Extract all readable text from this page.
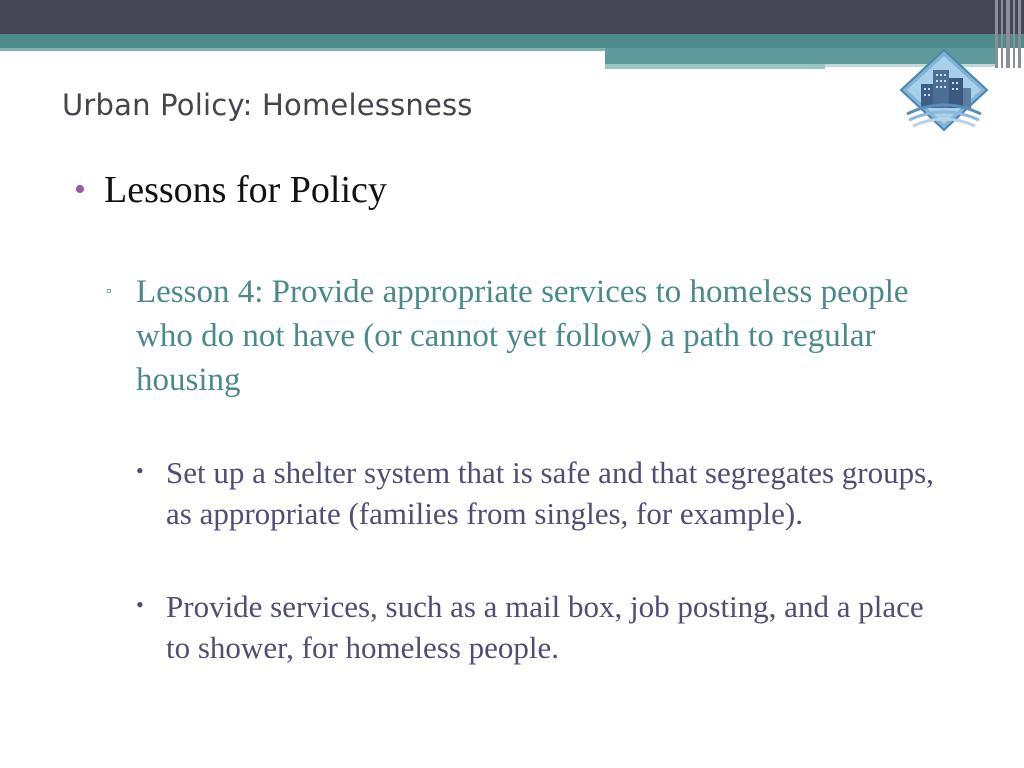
Urban Policy: Homelessness
• Lessons for Policy
▫ Lesson 4: Provide appropriate services to homeless people who do not have (or cannot yet follow) a path to regular housing
• Set up a shelter system that is safe and that segregates groups, as appropriate (families from singles, for example).
• Provide services, such as a mail box, job posting, and a place to shower, for homeless people.
